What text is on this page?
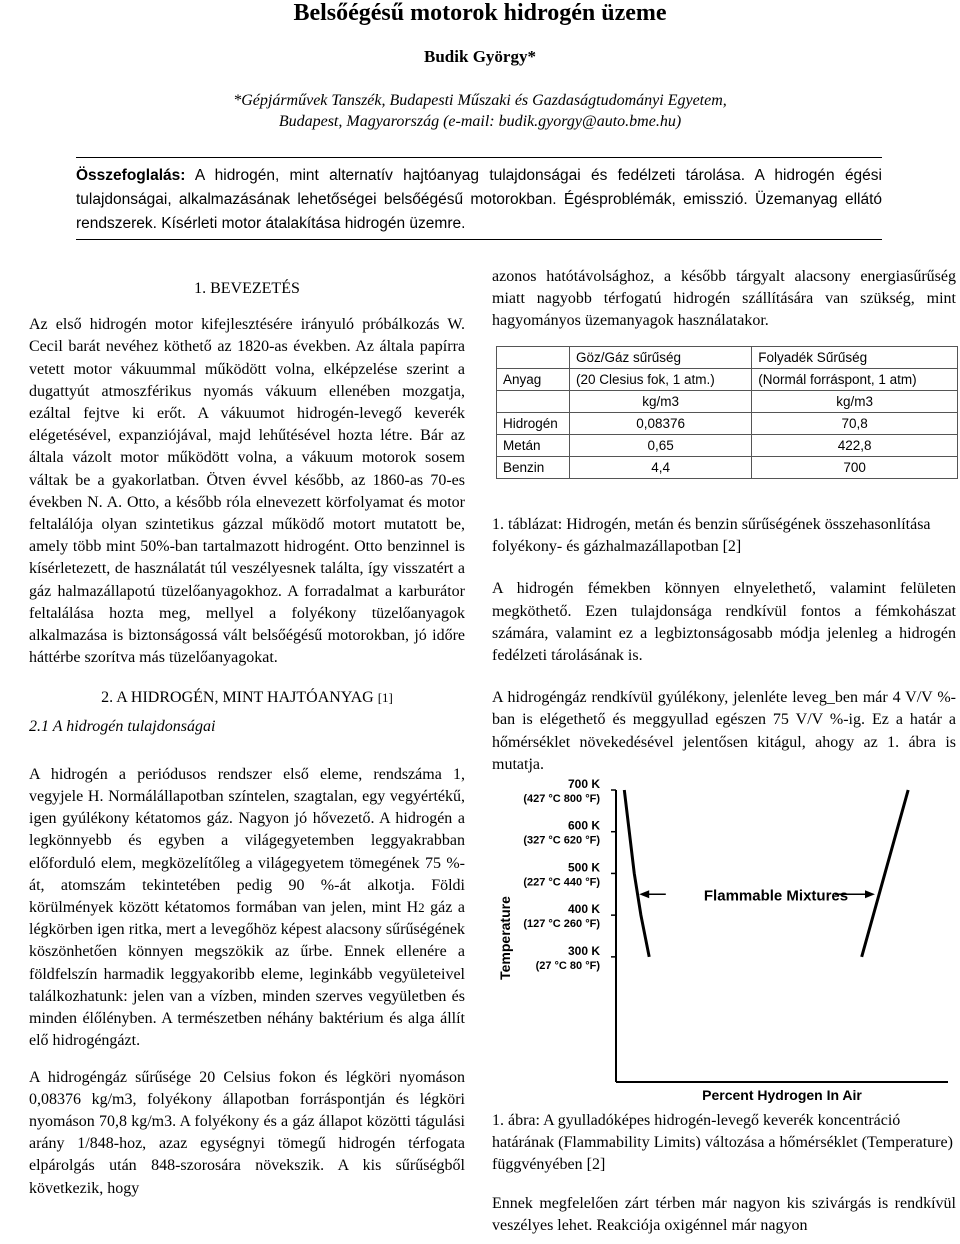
Belsőégésű motorok hidrogén üzeme
Budik György*
*Gépjárművek Tanszék, Budapesti Műszaki és Gazdaságtudományi Egyetem,
Budapest, Magyarország (e-mail: budik.gyorgy@auto.bme.hu)
Összefoglalás: A hidrogén, mint alternatív hajtóanyag tulajdonságai és fedélzeti tárolása. A hidrogén égési tulajdonságai, alkalmazásának lehetőségei belsőégésű motorokban. Égésproblémák, emisszió. Üzemanyag ellátó rendszerek. Kísérleti motor átalakítása hidrogén üzemre.
1. BEVEZETÉS

Az első hidrogén motor kifejlesztésére irányuló próbálkozás W. Cecil barát nevéhez köthető az 1820-as években. Az általa papírra vetett motor vákuummal működött volna, elképzelése szerint a dugattyút atmoszférikus nyomás vákuum ellenében mozgatja, ezáltal fejtve ki erőt. A vákuumot hidrogén-levegő keverék elégetésével, expanziójával, majd lehűtésével hozta létre. Bár az általa vázolt motor működött volna, a vákuum motorok sosem váltak be a gyakorlatban. Ötven évvel később, az 1860-as 70-es években N. A. Otto, a később róla elnevezett körfolyamat és motor feltalálója olyan szintetikus gázzal működő motort mutatott be, amely több mint 50%-ban tartalmazott hidrogént. Otto benzinnel is kísérletezett, de használatát túl veszélyesnek találta, így visszatért a gáz halmazállapotú tüzelőanyagokhoz. A forradalmat a karburátor feltalálása hozta meg, mellyel a folyékony tüzelőanyagok alkalmazása is biztonságossá vált belsőégésű motorokban, jó időre háttérbe szorítva más tüzelőanyagokat.

2. A HIDROGÉN, MINT HAJTÓANYAG [1]
2.1 A hidrogén tulajdonságai

A hidrogén a periódusos rendszer első eleme, rendszáma 1, vegyjele H. Normálállapotban színtelen, szagtalan, egy vegyértékű, igen gyúlékony kétatomos gáz. Nagyon jó hővezető. A hidrogén a legkönnyebb és egyben a világegyetemben leggyakrabban előforduló elem, megközelítőleg a világegyetem tömegének 75 %-át, atomszám tekintetében pedig 90 %-át alkotja. Földi körülmények között kétatomos formában van jelen, mint H2 gáz a légkörben igen ritka, mert a levegőhöz képest alacsony sűrűségének köszönhetően könnyen megszökik az űrbe. Ennek ellenére a földfelszín harmadik leggyakoribb eleme, leginkább vegyületeivel találkozhatunk: jelen van a vízben, minden szerves vegyületben és minden élőlényben. A természetben néhány baktérium és alga állít elő hidrogéngázt.

A hidrogéngáz sűrűsége 20 Celsius fokon és légköri nyomáson 0,08376 kg/m3, folyékony állapotban forráspontján és légköri nyomáson 70,8 kg/m3. A folyékony és a gáz állapot közötti tágulási arány 1/848-hoz, azaz egységnyi tömegű hidrogén térfogata elpárolgás után 848-szorosára növekszik. A kis sűrűségből következik, hogy

azonos hatótávolsághoz, a később tárgyalt alacsony energiasűrűség miatt nagyobb térfogatú hidrogén szállítására van szükség, mint hagyományos üzemanyagok használatakor.

	Göz/Gáz sűrűség	Folyadék Sűrűség
Anyag	(20 Clesius fok, 1 atm.)	(Normál forráspont, 1 atm)
	kg/m3	kg/m3
Hidrogén	0,08376	70,8
Metán	0,65	422,8
Benzin	4,4	700

1. táblázat: Hidrogén, metán és benzin sűrűségének összehasonlítása folyékony- és gázhalmazállapotban [2]

A hidrogén fémekben könnyen elnyelethető, valamint felületen megköthető. Ezen tulajdonsága rendkívül fontos a fémkohászat számára, valamint ez a legbiztonságosabb módja jelenleg a hidrogén fedélzeti tárolásának is.

A hidrogéngáz rendkívül gyúlékony, jelenléte leveg_ben már 4 V/V %-ban is elégethető és meggyullad egészen 75 V/V %-ig. Ez a határ a hőmérséklet növekedésével jelentősen kitágul, ahogy az 1. ábra is mutatja.

700 K
(427 °C 800 °F)
600 K
(327 °C 620 °F)
500 K
(227 °C 440 °F)
400 K
(127 °C 260 °F)
300 K
(27 °C 80 °F)
Temperature
Percent Hydrogen In Air
Flammable Mixtures

1. ábra: A gyulladóképes hidrogén-levegő keverék koncentráció határának (Flammability Limits) változása a hőmérséklet (Temperature) függvényében [2]

Ennek megfelelően zárt térben már nagyon kis szivárgás is rendkívül veszélyes lehet. Reakciója oxigénnel már nagyon
